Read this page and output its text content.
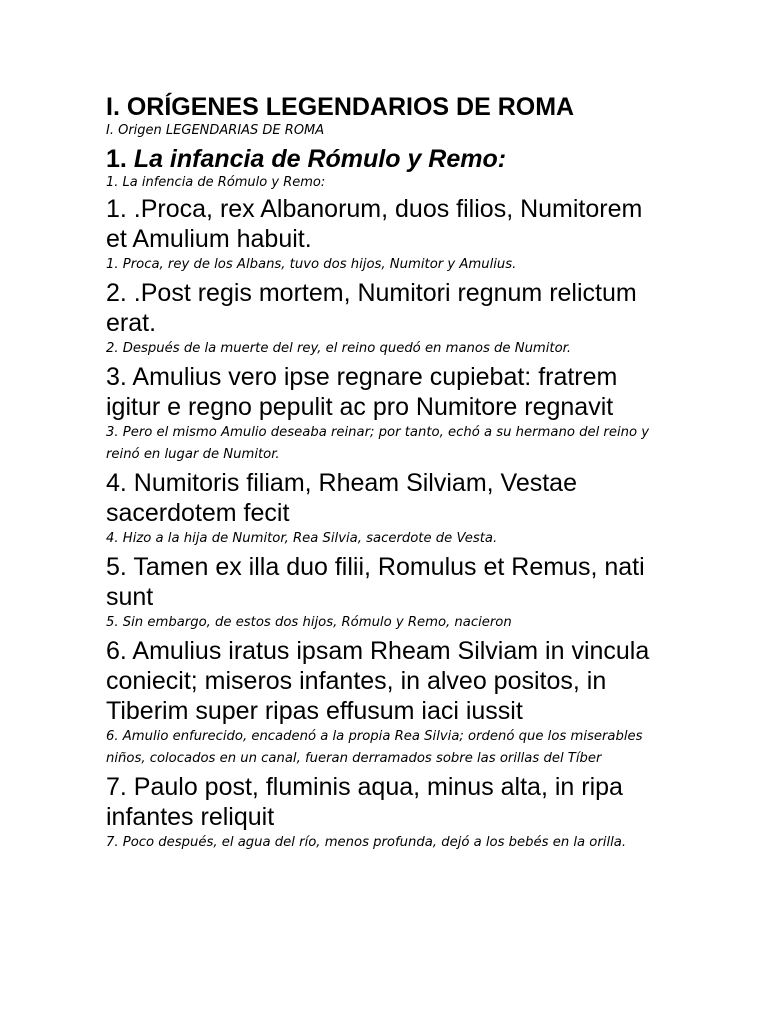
I. ORÍGENES LEGENDARIOS DE ROMA
I. Origen LEGENDARIAS DE ROMA
1. La infancia de Rómulo y Remo:
1. La infencia de Rómulo y Remo:
1. .Proca, rex Albanorum, duos filios, Numitorem et Amulium habuit.
1. Proca, rey de los Albans, tuvo dos hijos, Numitor y Amulius.
2. .Post regis mortem, Numitori regnum relictum erat.
2. Después de la muerte del rey, el reino quedó en manos de Numitor.
3. Amulius vero ipse regnare cupiebat: fratrem igitur e regno pepulit ac pro Numitore regnavit
3. Pero el mismo Amulio deseaba reinar; por tanto, echó a su hermano del reino y reinó en lugar de Numitor.
4. Numitoris filiam, Rheam Silviam, Vestae sacerdotem fecit
4. Hizo a la hija de Numitor, Rea Silvia, sacerdote de Vesta.
5. Tamen ex illa duo filii, Romulus et Remus, nati sunt
5. Sin embargo, de estos dos hijos, Rómulo y Remo, nacieron
6. Amulius iratus ipsam Rheam Silviam in vincula coniecit; miseros infantes, in alveo positos, in Tiberim super ripas effusum iaci iussit
6. Amulio enfurecido, encadenó a la propia Rea Silvia; ordenó que los miserables niños, colocados en un canal, fueran derramados sobre las orillas del Tíber
7. Paulo post, fluminis aqua, minus alta, in ripa infantes reliquit
7. Poco después, el agua del río, menos profunda, dejó a los bebés en la orilla.
